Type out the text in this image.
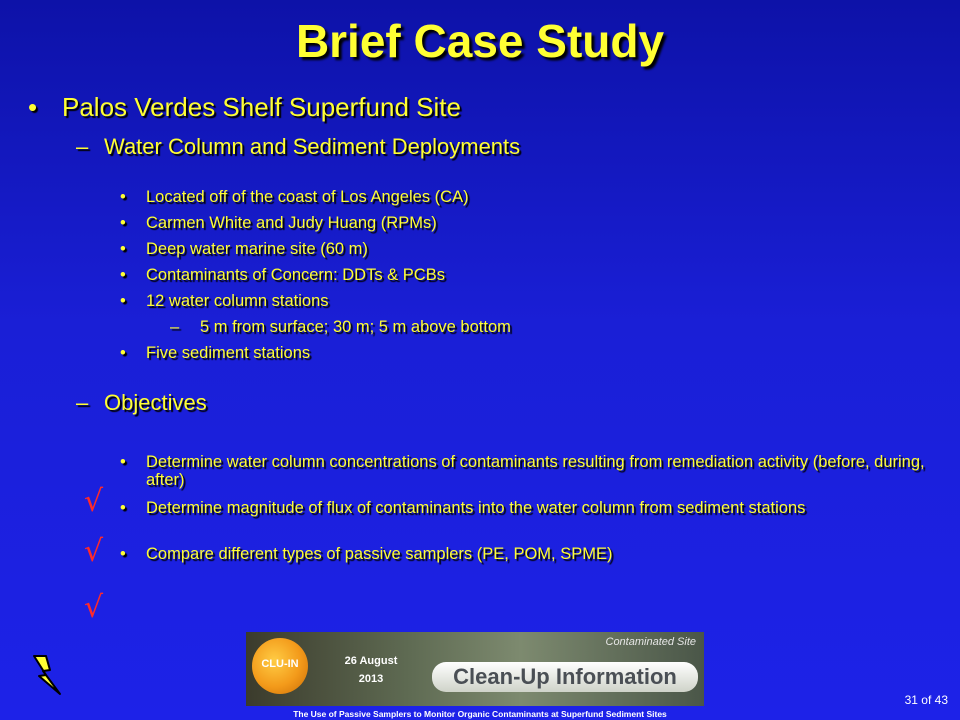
Brief Case Study
• Palos Verdes Shelf Superfund Site
– Water Column and Sediment Deployments
• Located off of the coast of Los Angeles (CA)
• Carmen White and Judy Huang (RPMs)
• Deep water marine site (60 m)
• Contaminants of Concern: DDTs & PCBs
• 12 water column stations
– 5 m from surface; 30 m; 5 m above bottom
• Five sediment stations
– Objectives
• Determine water column concentrations of contaminants resulting from remediation activity (before, during, after)
• Determine magnitude of flux of contaminants into the water column from sediment stations
• Compare different types of passive samplers (PE, POM, SPME)
√
√
√
CLU-IN	26 August
2013
Contaminated Site
Clean-Up Information
The Use of Passive Samplers to Monitor Organic Contaminants at Superfund Sediment Sites
31 of 43
